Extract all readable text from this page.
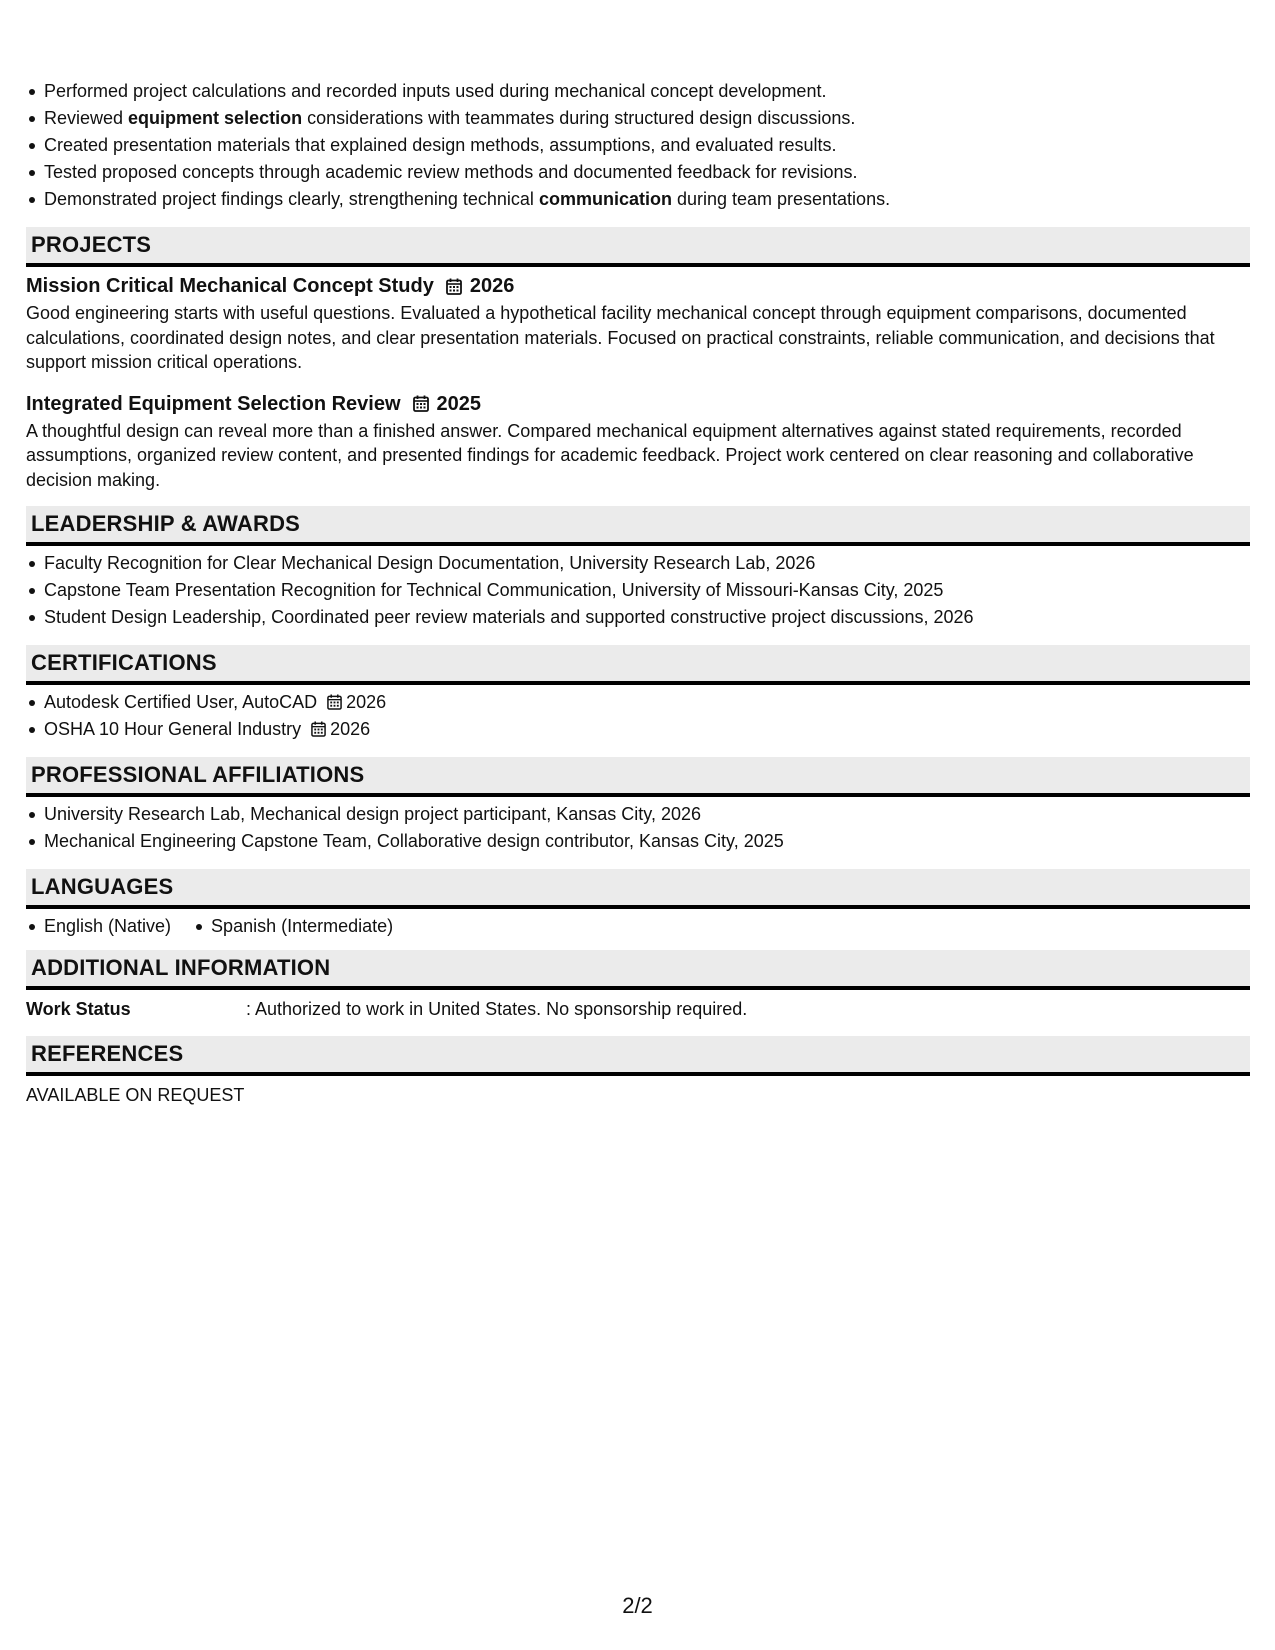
Performed project calculations and recorded inputs used during mechanical concept development.
Reviewed equipment selection considerations with teammates during structured design discussions.
Created presentation materials that explained design methods, assumptions, and evaluated results.
Tested proposed concepts through academic review methods and documented feedback for revisions.
Demonstrated project findings clearly, strengthening technical communication during team presentations.
PROJECTS
Mission Critical Mechanical Concept Study 2026

Good engineering starts with useful questions. Evaluated a hypothetical facility mechanical concept through equipment comparisons, documented calculations, coordinated design notes, and clear presentation materials. Focused on practical constraints, reliable communication, and decisions that support mission critical operations.

Integrated Equipment Selection Review 2025

A thoughtful design can reveal more than a finished answer. Compared mechanical equipment alternatives against stated requirements, recorded assumptions, organized review content, and presented findings for academic feedback. Project work centered on clear reasoning and collaborative decision making.

LEADERSHIP & AWARDS
Faculty Recognition for Clear Mechanical Design Documentation, University Research Lab, 2026
Capstone Team Presentation Recognition for Technical Communication, University of Missouri-Kansas City, 2025
Student Design Leadership, Coordinated peer review materials and supported constructive project discussions, 2026
CERTIFICATIONS
Autodesk Certified User, AutoCAD 2026
OSHA 10 Hour General Industry 2026
PROFESSIONAL AFFILIATIONS
University Research Lab, Mechanical design project participant, Kansas City, 2026
Mechanical Engineering Capstone Team, Collaborative design contributor, Kansas City, 2025
LANGUAGES
English (Native) Spanish (Intermediate)
ADDITIONAL INFORMATION
Work Status	: Authorized to work in United States. No sponsorship required.
REFERENCES
AVAILABLE ON REQUEST
2/2
